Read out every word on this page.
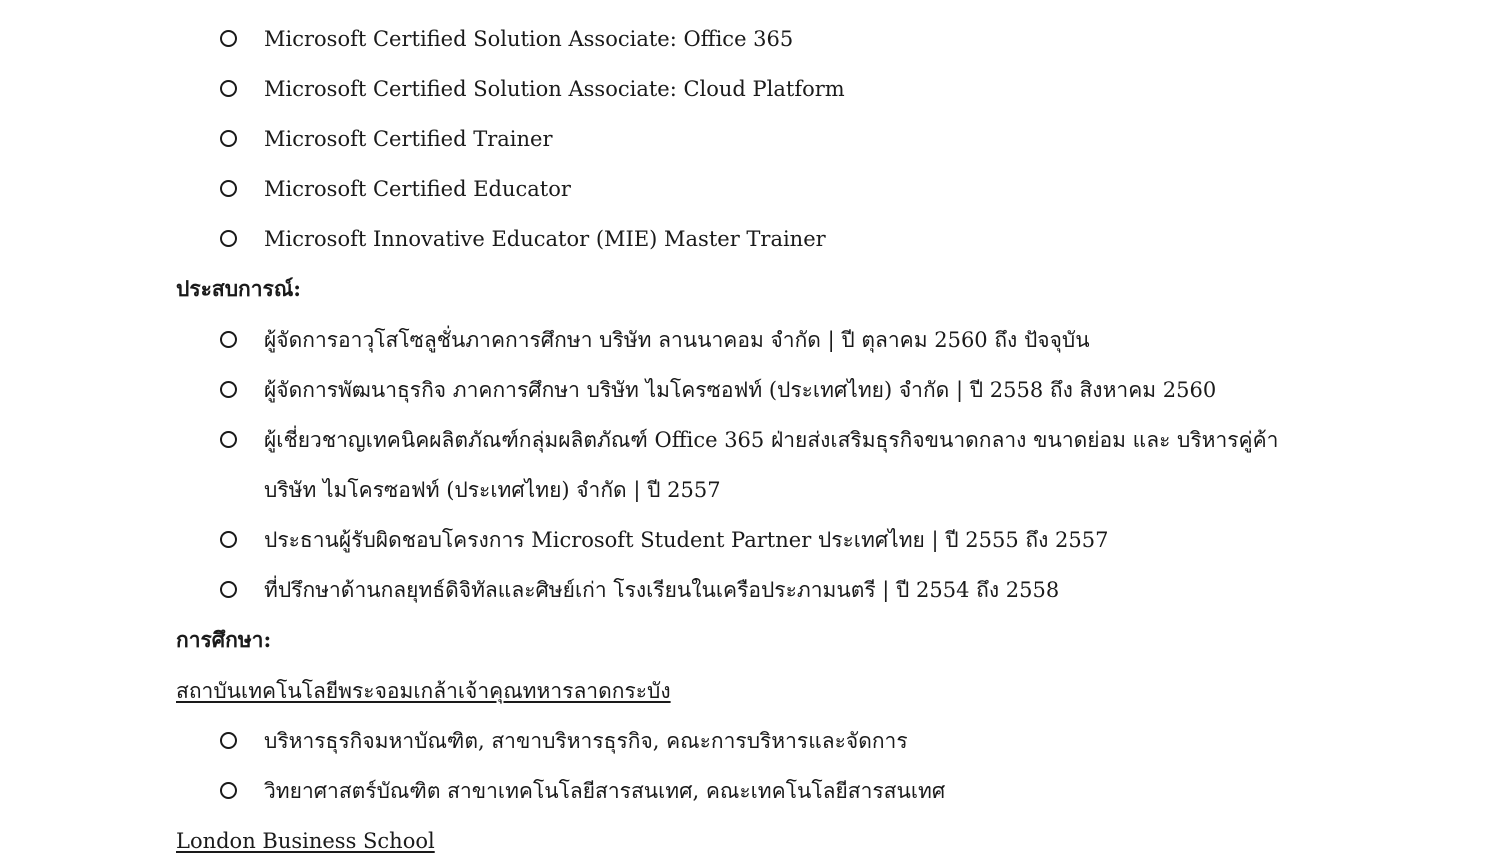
Microsoft Certified Solution Associate: Office 365
Microsoft Certified Solution Associate: Cloud Platform
Microsoft Certified Trainer
Microsoft Certified Educator
Microsoft Innovative Educator (MIE) Master Trainer
ประสบการณ์:
ผู้จัดการอาวุโสโซลูชั่นภาคการศึกษา บริษัท ลานนาคอม จำกัด | ปี ตุลาคม 2560 ถึง ปัจจุบัน
ผู้จัดการพัฒนาธุรกิจ ภาคการศึกษา บริษัท ไมโครซอฟท์ (ประเทศไทย) จำกัด | ปี 2558 ถึง สิงหาคม 2560
ผู้เชี่ยวชาญเทคนิคผลิตภัณฑ์กลุ่มผลิตภัณฑ์ Office 365 ฝ่ายส่งเสริมธุรกิจขนาดกลาง ขนาดย่อม และ บริหารคู่ค้า
บริษัท ไมโครซอฟท์ (ประเทศไทย) จำกัด | ปี 2557
ประธานผู้รับผิดชอบโครงการ Microsoft Student Partner ประเทศไทย | ปี 2555 ถึง 2557
ที่ปรึกษาด้านกลยุทธ์ดิจิทัลและศิษย์เก่า โรงเรียนในเครือประภามนตรี | ปี 2554 ถึง 2558
การศึกษา:
สถาบันเทคโนโลยีพระจอมเกล้าเจ้าคุณทหารลาดกระบัง
บริหารธุรกิจมหาบัณฑิต, สาขาบริหารธุรกิจ, คณะการบริหารและจัดการ
วิทยาศาสตร์บัณฑิต สาขาเทคโนโลยีสารสนเทศ, คณะเทคโนโลยีสารสนเทศ
London Business School
